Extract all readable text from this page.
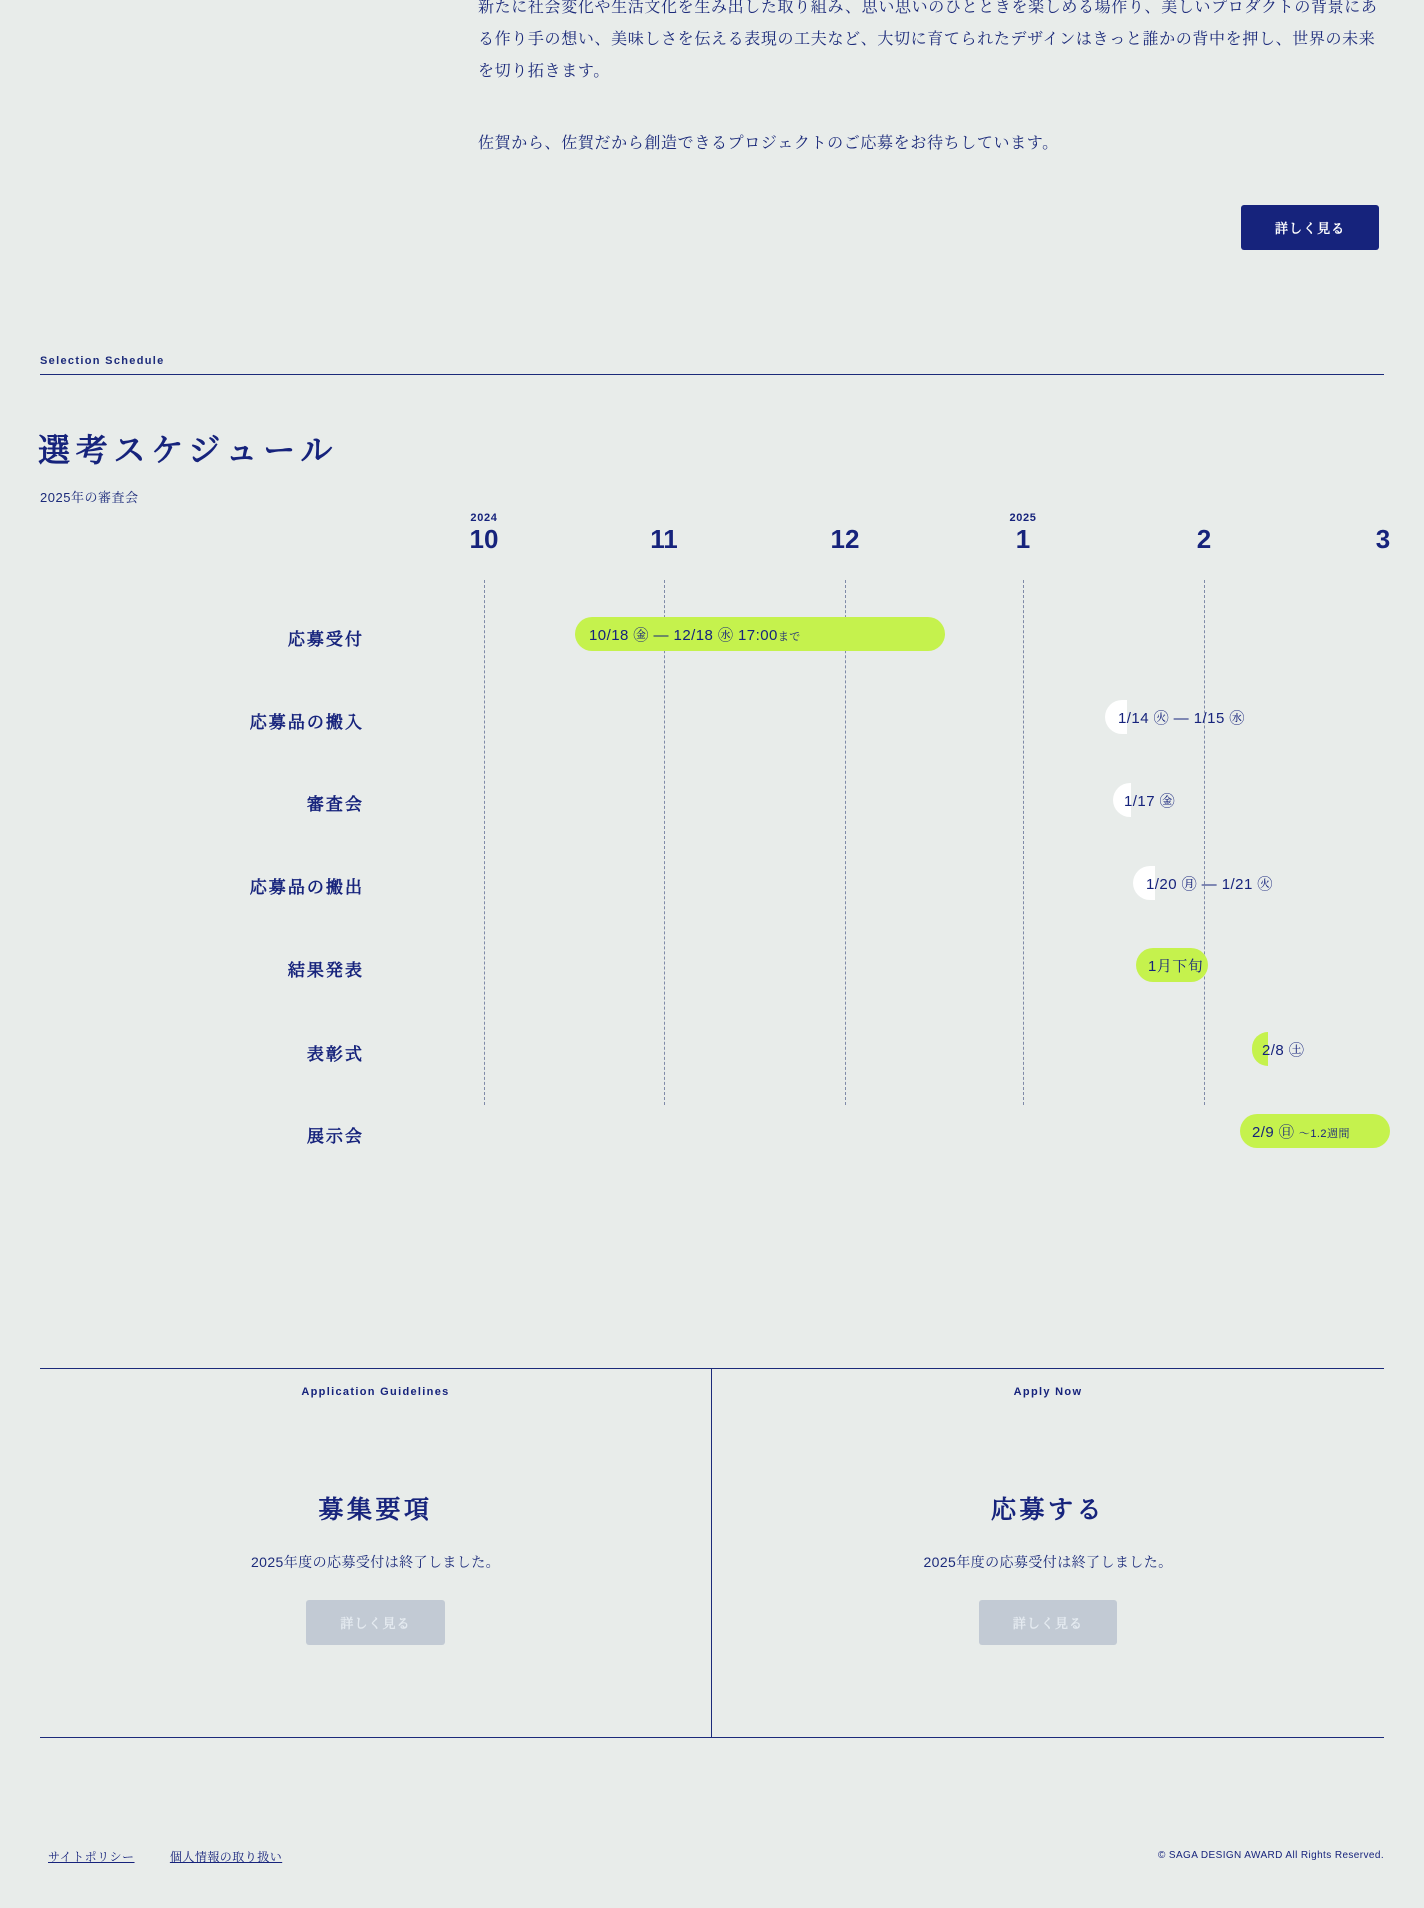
新たに社会変化や生活文化を生み出した取り組み、思い思いのひとときを楽しめる場作り、美しいプロダクトの背景にある作り手の想い、美味しさを伝える表現の工夫など、大切に育てられたデザインはきっと誰かの背中を押し、世界の未来を切り拓きます。

佐賀から、佐賀だから創造できるプロジェクトのご応募をお待ちしています。

詳しく見る
Selection Schedule
選考スケジュール
2025年の審査会
2024
10	11	12
2025
1	2	3
応募受付	10/18 ㊎ ― 12/18 ㊌ 17:00まで
応募品の搬入	1/14 ㊋ ― 1/15 ㊌
審査会	1/17 ㊎
応募品の搬出	1/20 ㊊ ― 1/21 ㊋
結果発表	1月下旬
表彰式	2/8 ㊏
展示会	2/9 ㊐ ～1.2週間
Application Guidelines
募集要項
2025年度の応募受付は終了しました。
詳しく見る
Apply Now
応募する
2025年度の応募受付は終了しました。
詳しく見る
サイトポリシー	個人情報の取り扱い	© SAGA DESIGN AWARD All Rights Reserved.
